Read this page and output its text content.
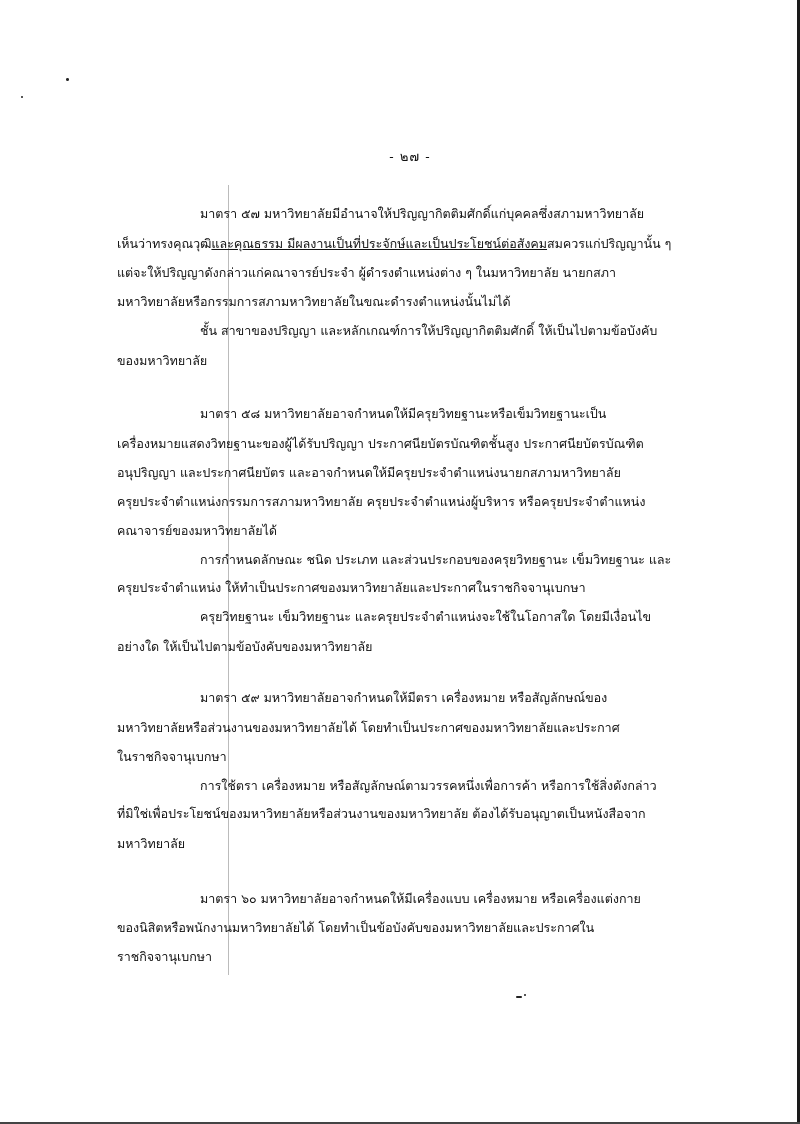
- ๒๗ -
มาตรา ๕๗ มหาวิทยาลัยมีอำนาจให้ปริญญากิตติมศักดิ์แก่บุคคลซึ่งสภามหาวิทยาลัย
เห็นว่าทรงคุณวุฒิและคุณธรรม มีผลงานเป็นที่ประจักษ์และเป็นประโยชน์ต่อสังคมสมควรแก่ปริญญานั้น ๆ
แต่จะให้ปริญญาดังกล่าวแก่คณาจารย์ประจำ ผู้ดำรงตำแหน่งต่าง ๆ ในมหาวิทยาลัย นายกสภา
มหาวิทยาลัยหรือกรรมการสภามหาวิทยาลัยในขณะดำรงตำแหน่งนั้นไม่ได้
ชั้น สาขาของปริญญา และหลักเกณฑ์การให้ปริญญากิตติมศักดิ์ ให้เป็นไปตามข้อบังคับ
ของมหาวิทยาลัย
มาตรา ๕๘ มหาวิทยาลัยอาจกำหนดให้มีครุยวิทยฐานะหรือเข็มวิทยฐานะเป็น
เครื่องหมายแสดงวิทยฐานะของผู้ได้รับปริญญา ประกาศนียบัตรบัณฑิตชั้นสูง ประกาศนียบัตรบัณฑิต
อนุปริญญา และประกาศนียบัตร และอาจกำหนดให้มีครุยประจำตำแหน่งนายกสภามหาวิทยาลัย
ครุยประจำตำแหน่งกรรมการสภามหาวิทยาลัย ครุยประจำตำแหน่งผู้บริหาร หรือครุยประจำตำแหน่ง
คณาจารย์ของมหาวิทยาลัยได้
การกำหนดลักษณะ ชนิด ประเภท และส่วนประกอบของครุยวิทยฐานะ เข็มวิทยฐานะ และ
ครุยประจำตำแหน่ง ให้ทำเป็นประกาศของมหาวิทยาลัยและประกาศในราชกิจจานุเบกษา
ครุยวิทยฐานะ เข็มวิทยฐานะ และครุยประจำตำแหน่งจะใช้ในโอกาสใด โดยมีเงื่อนไข
อย่างใด ให้เป็นไปตามข้อบังคับของมหาวิทยาลัย
มาตรา ๕๙ มหาวิทยาลัยอาจกำหนดให้มีตรา เครื่องหมาย หรือสัญลักษณ์ของ
มหาวิทยาลัยหรือส่วนงานของมหาวิทยาลัยได้ โดยทำเป็นประกาศของมหาวิทยาลัยและประกาศ
ในราชกิจจานุเบกษา
การใช้ตรา เครื่องหมาย หรือสัญลักษณ์ตามวรรคหนึ่งเพื่อการค้า หรือการใช้สิ่งดังกล่าว
ที่มิใช่เพื่อประโยชน์ของมหาวิทยาลัยหรือส่วนงานของมหาวิทยาลัย ต้องได้รับอนุญาตเป็นหนังสือจาก
มหาวิทยาลัย
มาตรา ๖๐ มหาวิทยาลัยอาจกำหนดให้มีเครื่องแบบ เครื่องหมาย หรือเครื่องแต่งกาย
ของนิสิตหรือพนักงานมหาวิทยาลัยได้ โดยทำเป็นข้อบังคับของมหาวิทยาลัยและประกาศใน
ราชกิจจานุเบกษา
